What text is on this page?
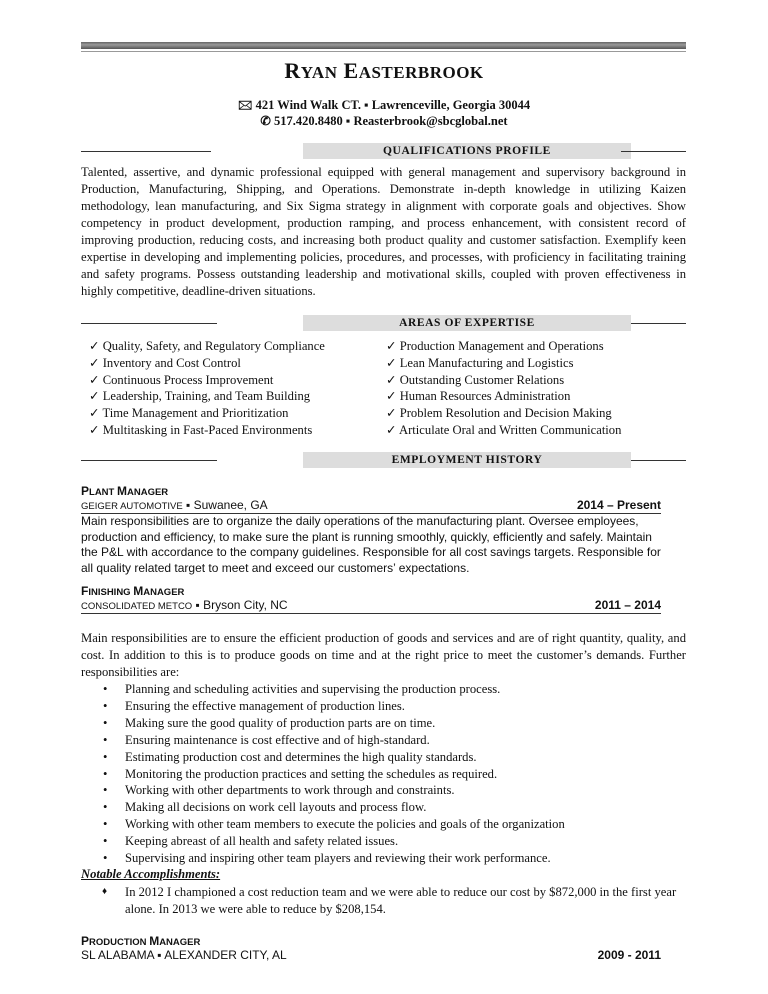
RYAN EASTERBROOK
🖂 421 Wind Walk CT. ▪ Lawrenceville, Georgia 30044
✆ 517.420.8480 ▪ Reasterbrook@sbcglobal.net
QUALIFICATIONS PROFILE
Talented, assertive, and dynamic professional equipped with general management and supervisory background in Production, Manufacturing, Shipping, and Operations. Demonstrate in-depth knowledge in utilizing Kaizen methodology, lean manufacturing, and Six Sigma strategy in alignment with corporate goals and objectives. Show competency in product development, production ramping, and process enhancement, with consistent record of improving production, reducing costs, and increasing both product quality and customer satisfaction. Exemplify keen expertise in developing and implementing policies, procedures, and processes, with proficiency in facilitating training and safety programs. Possess outstanding leadership and motivational skills, coupled with proven effectiveness in highly competitive, deadline-driven situations.
AREAS OF EXPERTISE
✓ Quality, Safety, and Regulatory Compliance
✓ Inventory and Cost Control
✓ Continuous Process Improvement
✓ Leadership, Training, and Team Building
✓ Time Management and Prioritization
✓ Multitasking in Fast-Paced Environments
✓ Production Management and Operations
✓ Lean Manufacturing and Logistics
✓ Outstanding Customer Relations
✓ Human Resources Administration
✓ Problem Resolution and Decision Making
✓ Articulate Oral and Written Communication
EMPLOYMENT HISTORY
PLANT MANAGER
GEIGER AUTOMOTIVE ▪ Suwanee, GA	2014 – Present
Main responsibilities are to organize the daily operations of the manufacturing plant. Oversee employees, production and efficiency, to make sure the plant is running smoothly, quickly, efficiently and safely. Maintain the P&L with accordance to the company guidelines. Responsible for all cost savings targets. Responsible for all quality related target to meet and exceed our customers’ expectations.
FINISHING MANAGER
CONSOLIDATED METCO ▪ Bryson City, NC	2011 – 2014
Main responsibilities are to ensure the efficient production of goods and services and are of right quantity, quality, and cost. In addition to this is to produce goods on time and at the right price to meet the customer’s demands. Further responsibilities are:
• Planning and scheduling activities and supervising the production process.
• Ensuring the effective management of production lines.
• Making sure the good quality of production parts are on time.
• Ensuring maintenance is cost effective and of high-standard.
• Estimating production cost and determines the high quality standards.
• Monitoring the production practices and setting the schedules as required.
• Working with other departments to work through and constraints.
• Making all decisions on work cell layouts and process flow.
• Working with other team members to execute the policies and goals of the organization
• Keeping abreast of all health and safety related issues.
• Supervising and inspiring other team players and reviewing their work performance.
Notable Accomplishments:
♦ In 2012 I championed a cost reduction team and we were able to reduce our cost by $872,000 in the first year alone. In 2013 we were able to reduce by $208,154.
PRODUCTION MANAGER
SL ALABAMA ▪ ALEXANDER CITY, AL	2009 - 2011
